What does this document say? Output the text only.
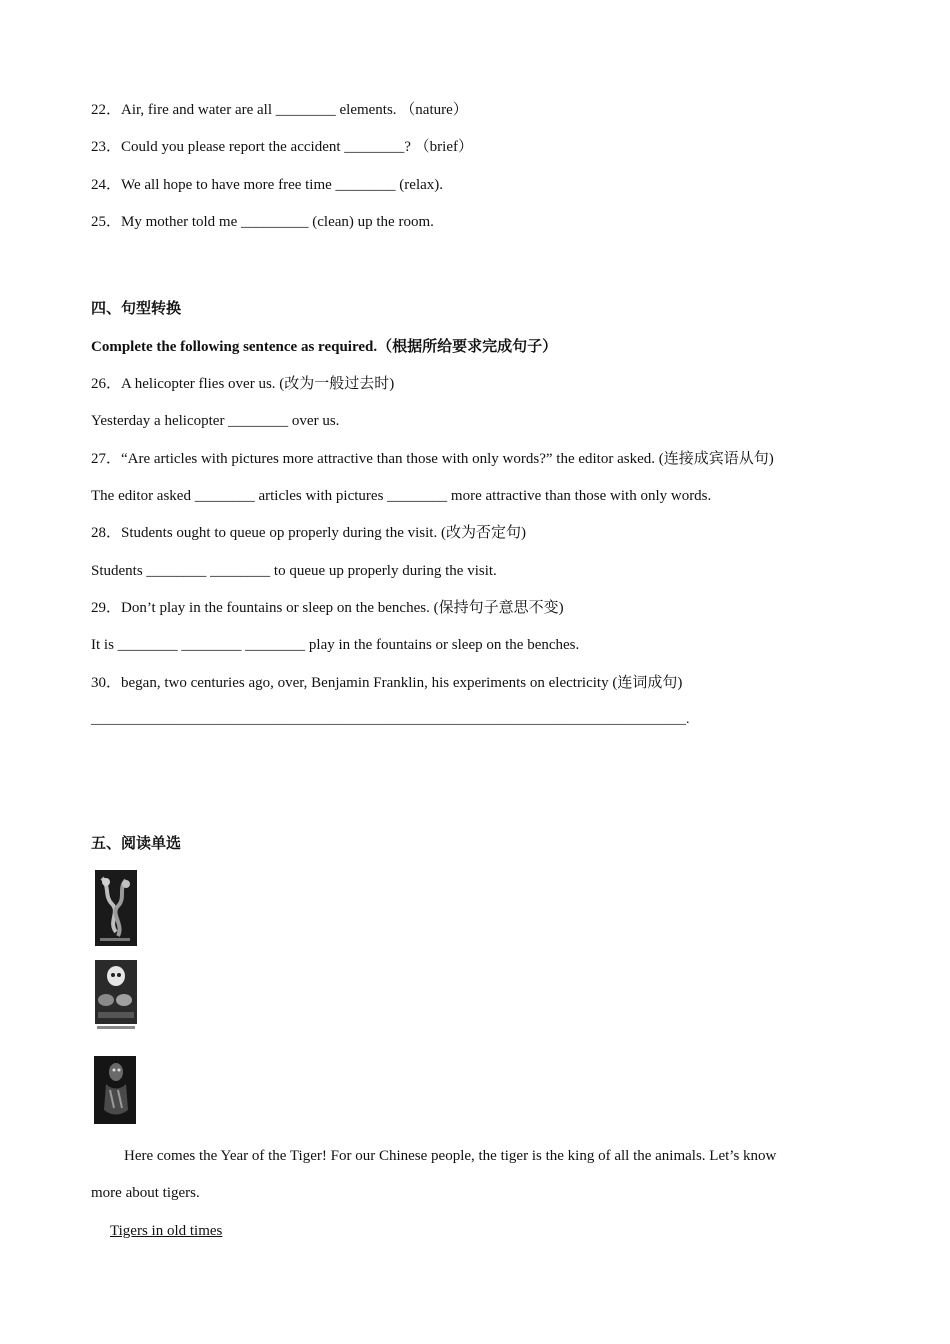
22．Air, fire and water are all ________ elements. （nature）
23．Could you please report the accident ________? （brief）
24．We all hope to have more free time ________ (relax).
25．My mother told me _________ (clean) up the room.
四、句型转换
Complete the following sentence as required.（根据所给要求完成句子）
26．A helicopter flies over us. (改为一般过去时)
Yesterday a helicopter ________ over us.
27．“Are articles with pictures more attractive than those with only words?” the editor asked. (连接成宾语从句)
The editor asked ________ articles with pictures ________ more attractive than those with only words.
28．Students ought to queue op properly during the visit. (改为否定句)
Students ________ ________ to queue up properly during the visit.
29．Don’t play in the fountains or sleep on the benches. (保持句子意思不变)
It is ________ ________ ________ play in the fountains or sleep on the benches.
30．began, two centuries ago, over, Benjamin Franklin, his experiments on electricity (连词成句)
_____________________________________________________________________________________.
五、阅读单选
Here comes the Year of the Tiger! For our Chinese people, the tiger is the king of all the animals. Let’s know
more about tigers.
Tigers in old times
